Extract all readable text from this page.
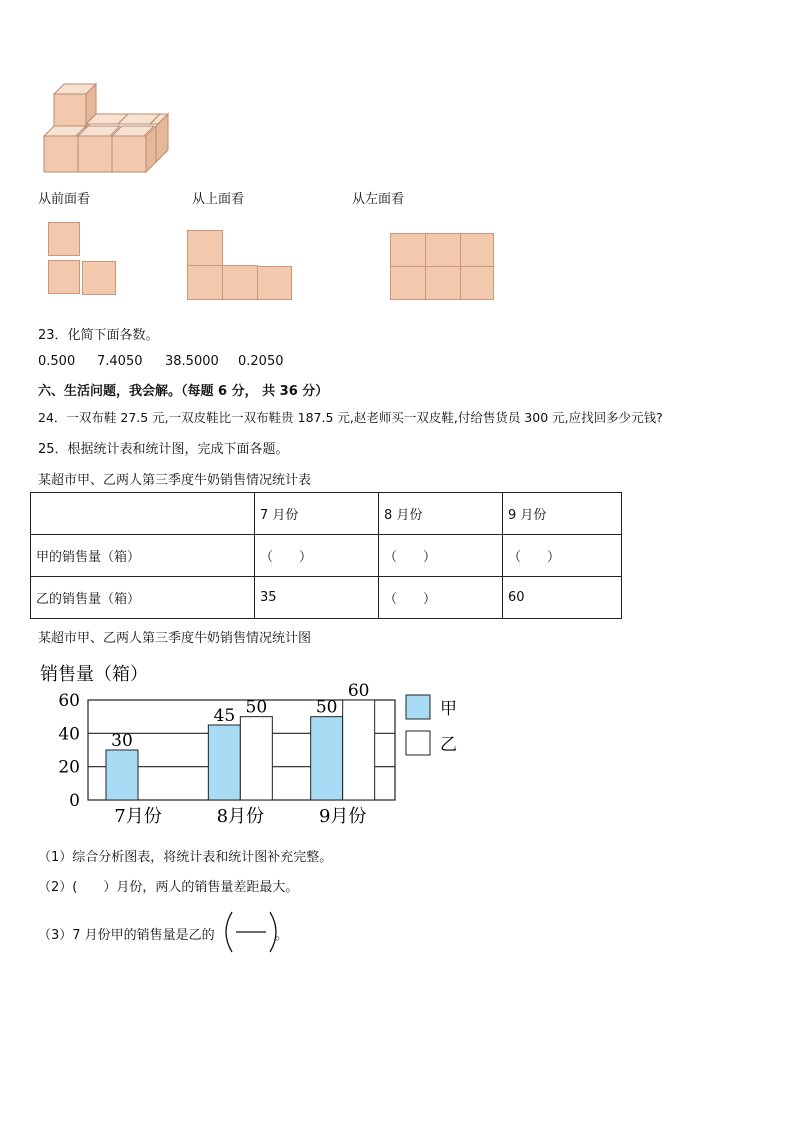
从前面看	从上面看	从左面看
23．化简下面各数。
0.500 7.4050 38.5000 0.2050
六、生活问题，我会解。（每题 6 分， 共 36 分）
24．一双布鞋 27.5 元,一双皮鞋比一双布鞋贵 187.5 元,赵老师买一双皮鞋,付给售货员 300 元,应找回多少元钱?
25．根据统计表和统计图，完成下面各题。
某超市甲、乙两人第三季度牛奶销售情况统计表
	7 月份	8 月份	9 月份
甲的销售量（箱）	（　　）	（　　）	（　　）
乙的销售量（箱）	35	（　　）	60
某超市甲、乙两人第三季度牛奶销售情况统计图
销售量（箱）
0
20
40
60
30
7月份
45 50
8月份
50
60
9月份
甲
乙
（1）综合分析图表，将统计表和统计图补充完整。
（2）(　　）月份，两人的销售量差距最大。
（3）7 月份甲的销售量是乙的	。
